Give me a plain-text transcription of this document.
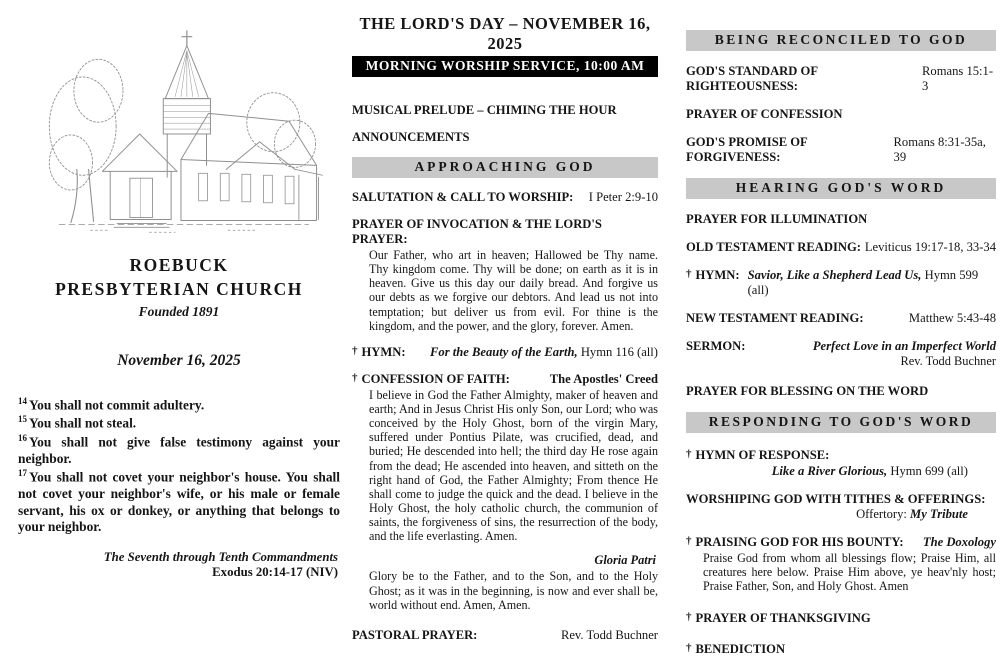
ROEBUCK
PRESBYTERIAN CHURCH
Founded 1891
November 16, 2025

$^{14}$ You shall not commit adultery.

$^{15}$ You shall not steal.

$^{16}$ You shall not give false testimony against your neighbor.

$^{17}$ You shall not covet your neighbor's house. You shall not covet your neighbor's wife, or his male or female servant, his ox or donkey, or anything that belongs to your neighbor.

The Seventh through Tenth Commandments
Exodus 20:14-17 (NIV)
THE LORD'S DAY – NOVEMBER 16, 2025
MORNING WORSHIP SERVICE, 10:00 AM
MUSICAL PRELUDE – CHIMING THE HOUR
ANNOUNCEMENTS
APPROACHING GOD
SALUTATION & CALL TO WORSHIP: I Peter 2:9-10
PRAYER OF INVOCATION & THE LORD'S PRAYER:
Our Father, who art in heaven; Hallowed be Thy name. Thy kingdom come. Thy will be done; on earth as it is in heaven. Give us this day our daily bread. And forgive us our debts as we forgive our debtors. And lead us not into temptation; but deliver us from evil. For thine is the kingdom, and the power, and the glory, forever. Amen.
† HYMN: For the Beauty of the Earth, Hymn 116 (all)
† CONFESSION OF FAITH:	The Apostles' Creed
I believe in God the Father Almighty, maker of heaven and earth; And in Jesus Christ His only Son, our Lord; who was conceived by the Holy Ghost, born of the virgin Mary, suffered under Pontius Pilate, was crucified, dead, and buried; He descended into hell; the third day He rose again from the dead; He ascended into heaven, and sitteth on the right hand of God, the Father Almighty; From thence He shall come to judge the quick and the dead. I believe in the Holy Ghost, the holy catholic church, the communion of saints, the forgiveness of sins, the resurrection of the body, and the life everlasting. Amen.
Gloria Patri
Glory be to the Father, and to the Son, and to the Holy Ghost; as it was in the beginning, is now and ever shall be, world without end. Amen, Amen.
PASTORAL PRAYER:	Rev. Todd Buchner
BEING RECONCILED TO GOD
GOD'S STANDARD OF RIGHTEOUSNESS:
Romans 15:1-3
PRAYER OF CONFESSION
GOD'S PROMISE OF FORGIVENESS:
Romans 8:31-35a, 39
HEARING GOD'S WORD
PRAYER FOR ILLUMINATION
OLD TESTAMENT READING: Leviticus 19:17-18, 33-34
† HYMN: Savior, Like a Shepherd Lead Us, Hymn 599 (all)
NEW TESTAMENT READING:	Matthew 5:43-48
SERMON:	Perfect Love in an Imperfect World
Rev. Todd Buchner
PRAYER FOR BLESSING ON THE WORD
RESPONDING TO GOD'S WORD
† HYMN OF RESPONSE:
Like a River Glorious, Hymn 699 (all)
WORSHIPING GOD WITH TITHES & OFFERINGS:
Offertory: My Tribute
† PRAISING GOD FOR HIS BOUNTY: The Doxology
Praise God from whom all blessings flow; Praise Him, all creatures here below. Praise Him above, ye heav'nly host; Praise Father, Son, and Holy Ghost. Amen
† PRAYER OF THANKSGIVING
† BENEDICTION
